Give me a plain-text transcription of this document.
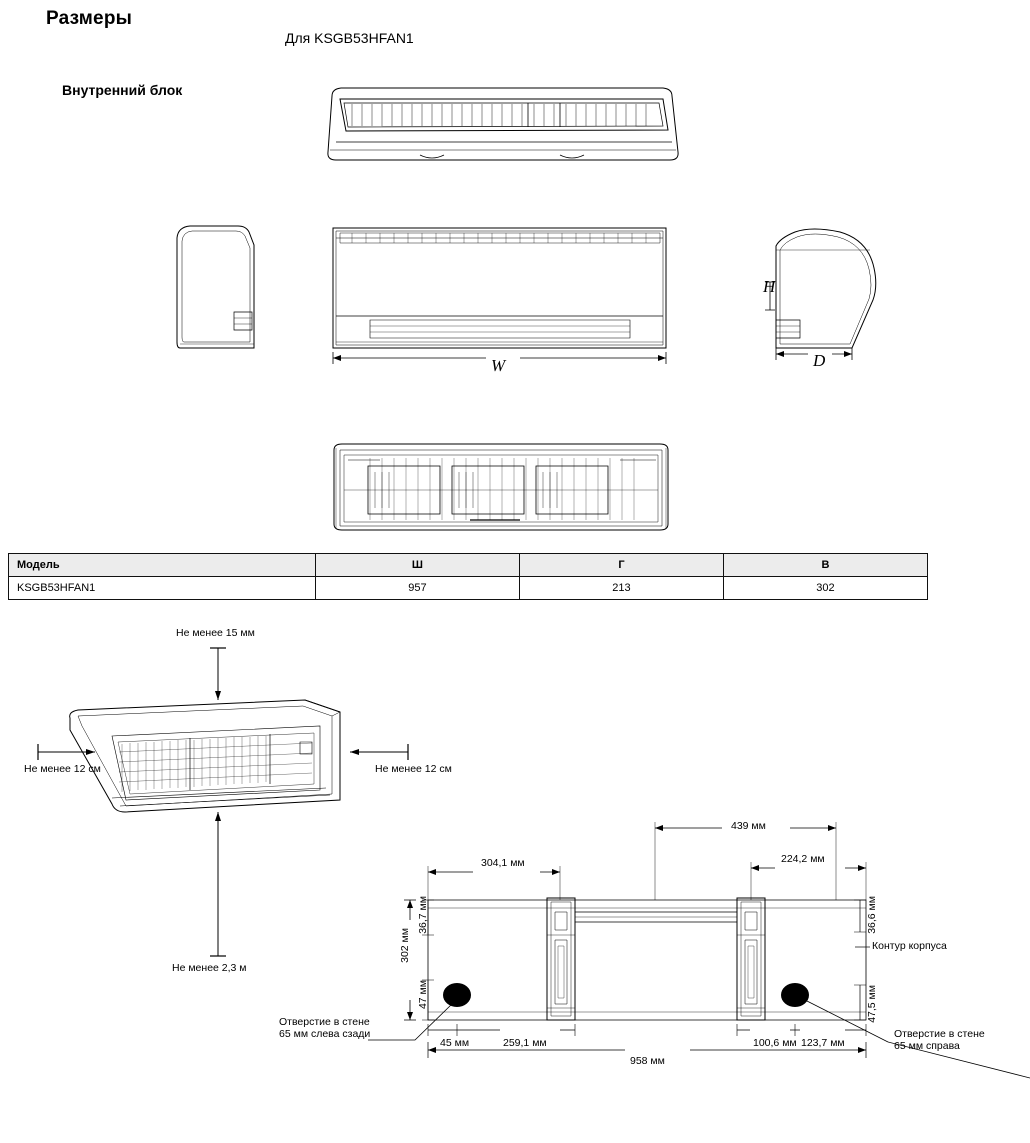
Размеры
Для KSGB53HFAN1
Внутренний блок
W	D
H
Модель	Ш	Г	В
KSGB53HFAN1	957	213	302
Не менее 15 мм
Не менее 12 см	Не менее 12 см
Не менее 2,3 м
439 мм
304,1 мм	224,2 мм
958 мм
259,1 мм
45 мм	100,6 мм 123,7 мм
302 мм
36,7 мм
47 мм
36,6 мм
47,5 мм
Контур корпуса
Отверстие в стене
65 мм слева сзади	Отверстие в стене
65 мм справа
